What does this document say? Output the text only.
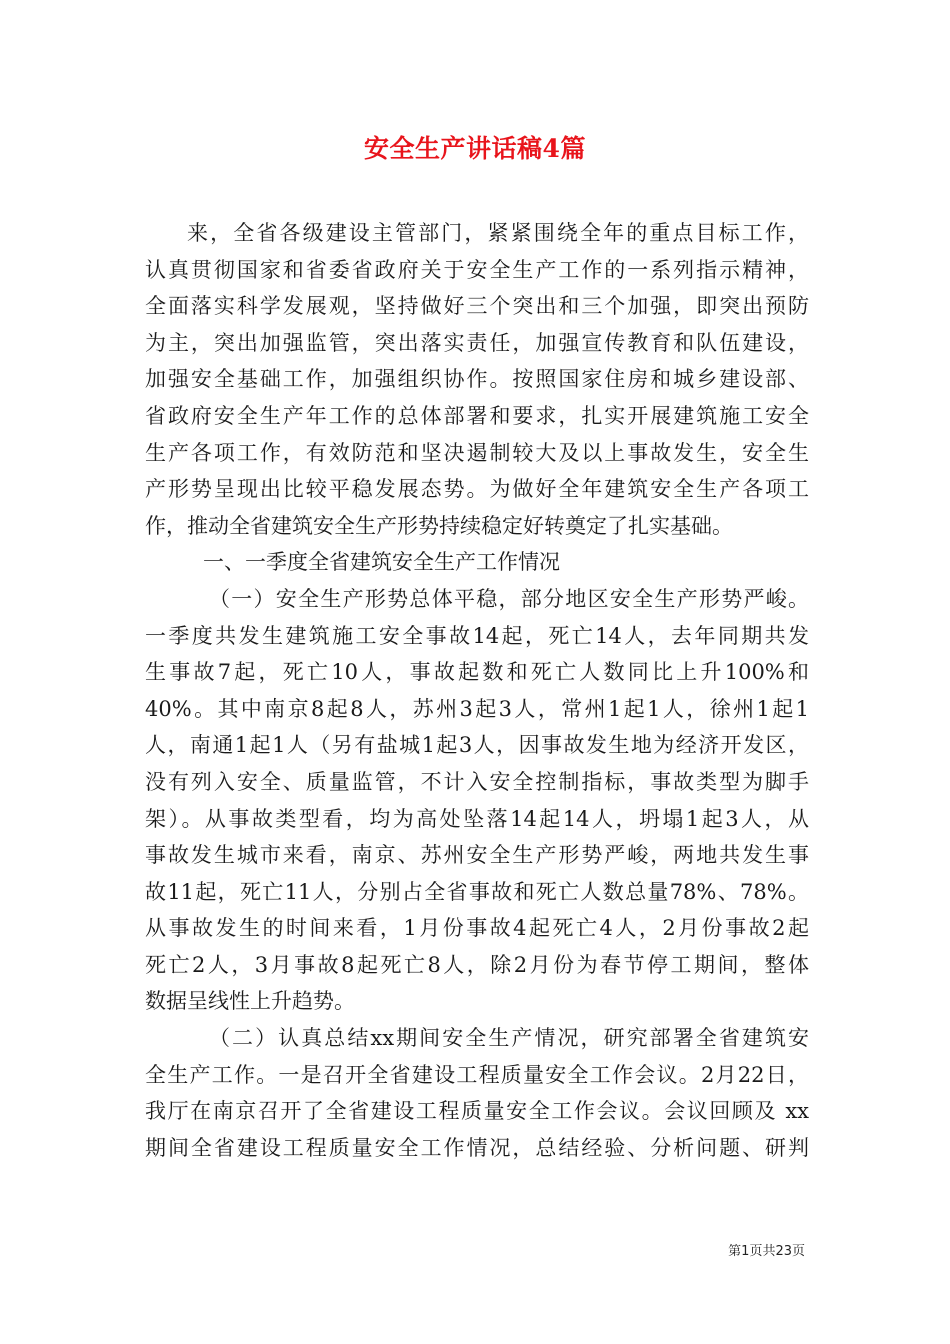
安全生产讲话稿4篇
来，全省各级建设主管部门，紧紧围绕全年的重点目标工作，
认真贯彻国家和省委省政府关于安全生产工作的一系列指示精神，
全面落实科学发展观，坚持做好三个突出和三个加强，即突出预防
为主，突出加强监管，突出落实责任，加强宣传教育和队伍建设，
加强安全基础工作，加强组织协作。按照国家住房和城乡建设部、
省政府安全生产年工作的总体部署和要求，扎实开展建筑施工安全
生产各项工作，有效防范和坚决遏制较大及以上事故发生，安全生
产形势呈现出比较平稳发展态势。为做好全年建筑安全生产各项工
作，推动全省建筑安全生产形势持续稳定好转奠定了扎实基础。
一、一季度全省建筑安全生产工作情况
（一）安全生产形势总体平稳，部分地区安全生产形势严峻。
一季度共发生建筑施工安全事故14起，死亡14人，去年同期共发
生事故7起，死亡10人，事故起数和死亡人数同比上升100%和
40%。其中南京8起8人，苏州3起3人，常州1起1人，徐州1起1
人，南通1起1人（另有盐城1起3人，因事故发生地为经济开发区，
没有列入安全、质量监管，不计入安全控制指标，事故类型为脚手
架）。从事故类型看，均为高处坠落14起14人，坍塌1起3人，从
事故发生城市来看，南京、苏州安全生产形势严峻，两地共发生事
故11起，死亡11人，分别占全省事故和死亡人数总量78%、78%。
从事故发生的时间来看，1月份事故4起死亡4人，2月份事故2起
死亡2人，3月事故8起死亡8人，除2月份为春节停工期间，整体
数据呈线性上升趋势。
（二）认真总结xx期间安全生产情况，研究部署全省建筑安
全生产工作。一是召开全省建设工程质量安全工作会议。2月22日，
我厅在南京召开了全省建设工程质量安全工作会议。会议回顾及 xx
期间全省建设工程质量安全工作情况，总结经验、分析问题、研判
第1页共23页
